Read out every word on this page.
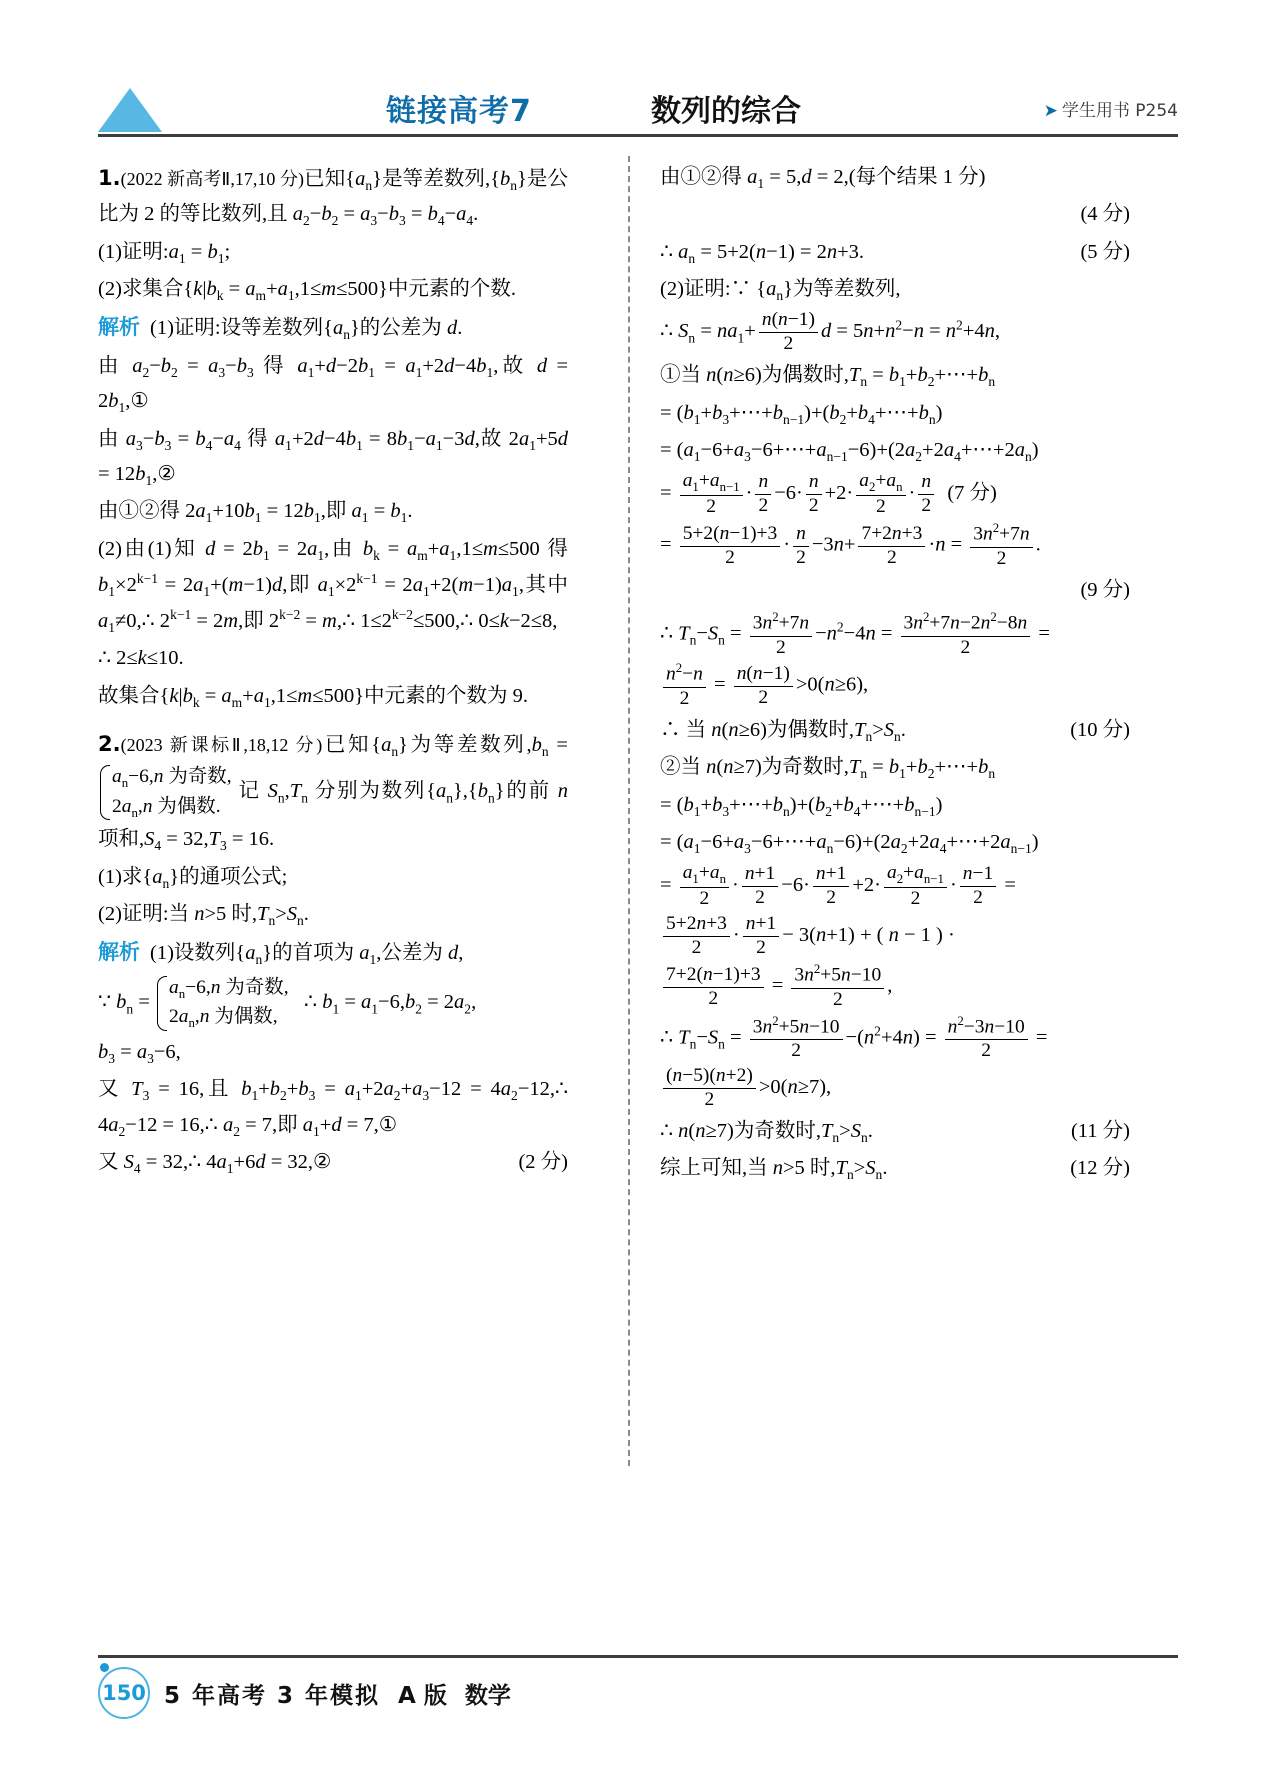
链接高考7	数列的综合	➤ 学生用书 P254
1.(2022 新高考Ⅱ,17,10 分)已知$\{a_n\}$是等差数列$,\{b_n\}$是公比为 2 的等比数列,且 $a_2-b_2 = a_3-b_3 = b_4-a_4$.
(1)证明$:a_1 = b_1$;
(2)求集合$\{k|b_k = a_m+a_1,1\le m\le 500\}$中元素的个数.
解析 (1)证明:设等差数列$\{a_n\}$的公差为 d.
由 $a_2-b_2 = a_3-b_3$ 得 $a_1+d-2b_1 = a_1+2d-4b_1$,故 $d = 2b_1,①$
由 $a_3-b_3 = b_4-a_4$ 得 $a_1+2d-4b_1 = 8b_1-a_1-3d$,故 $2a_1+5d$ = $12b_1,②$
由①②得 $2a_1+10b_1 = 12b_1$,即 $a_1 = b_1$.
(2)由(1)知 $d = 2b_1 = 2a_1$,由 $b_k = a_m+a_1,1\le m\le 500$ 得 $b_1\times 2^{k-1} = 2a_1+(m-1)d$,即 $a_1\times 2^{k-1} = 2a_1+2(m-1)a_1$,其中 $a_1\ne 0,\therefore$ $2^{k-1} = 2m$,即 $2^{k-2}$ = m,∴ $1\le 2^{k-2}\le 500,\therefore$ 0≤k−2≤8,
∴ 2≤k≤10.
故集合$\{k|b_k = a_m+a_1,1\le m\le 500\}$中元素的个数为 9.
2.(2023 新课标Ⅱ,18,12 分)已知$\{a_n\}$为等差数列$,b_n = a_n-6,n$ 为奇数,
$2a_n,n$ 为偶数. 记 $S_n,T_n$ 分别为数列$\{a_n\},\{b_n\}$的前 n 项和$,S_4 = 32,T_3 = 16$.
(1)求$\{a_n\}$的通项公式;
(2)证明:当 n>5 时$,T_n>S_n$.
解析 (1)设数列$\{a_n\}$的首项为 $a_1$,公差为 d,
∵ $b_n = a_n-6,n$ 为奇数,
$2a_n,n$ 为偶数,   ∴ $b_1 = a_1-6,b_2 = 2a_2$,
$b_3 = a_3-6$,
又 $T_3 = 16$,且 $b_1+b_2+b_3 = a_1+2a_2+a_3-12$ = $4a_2-12,\therefore$ $4a_2-12$ = 16,∴ $a_2 = 7$,即 $a_1+d$ = 7,①
又 $S_4$ = 32,∴ $4a_1+6d$ = 32,②	(2 分)
由①②得 $a_1 = 5,d = 2$,(每个结果 1 分)
(4 分)
∴ $a_n = 5+2(n-1) = 2n+3$.	(5 分)
(2)证明:∵ $\{a_n\}$为等差数列,
∴ $S_n = na_1+ \frac{n(n-1)}{2}$ $d = 5n+n^2-n = n^2+4n$,
①当 n(n≥6)为偶数时$,T_n$ = $b_1+b_2+\cdots+b_n$
= $(b_1+b_3+\cdots+b_{n-1})+(b_2+b_4+\cdots+b_n)$
= $(a_1-6+a_3-6+\cdots+a_{n-1}-6)+(2a_2+2a_4+\cdots+2a_n)$
= $\frac{a_1+a_{n-1}}{2} \cdot \frac{n}{2} -6\cdot \frac{n}{2} +2\cdot \frac{a_2+a_n}{2} \cdot \frac{n}{2} (7$ 分)
= $\frac{5+2(n-1)+3}{2} \cdot \frac{n}{2} -3n+ \frac{7+2n+3}{2} \cdot n = \frac{3n^2+7n}{2}$ .
(9 分)
∴ $T_n-S_n = \frac{3n^2+7n}{2} -n^2-4n = \frac{3n^2+7n-2n^2-8n}{2}$ =
$\frac{n^2-n}{2} = \frac{n(n-1)}{2} >0(n\ge 6)$,
∴ 当 n(n≥6)为偶数时$,T_n>S_n$.	(10 分)
②当 n(n≥7)为奇数时$,T_n$ = $b_1+b_2+\cdots+b_n$
= $(b_1+b_3+\cdots+b_n)+(b_2+b_4+\cdots+b_{n-1})$
= $(a_1-6+a_3-6+\cdots+a_n-6)+(2a_2+2a_4+\cdots+2a_{n-1})$
= $\frac{a_1+a_n}{2} \cdot \frac{n+1}{2} -6\cdot \frac{n+1}{2} +2\cdot \frac{a_2+a_{n-1}}{2} \cdot \frac{n-1}{2}$ =
$\frac{5+2n+3}{2} \cdot \frac{n+1}{2} - 3(n+1)$ + ( n − 1 ) ·
$\frac{7+2(n-1)+3}{2} = \frac{3n^2+5n-10}{2}$ ,
∴ $T_n-S_n = \frac{3n^2+5n-10}{2} -(n^2+4n) = \frac{n^2-3n-10}{2}$ =
$\frac{(n-5)(n+2)}{2} >0(n\ge 7)$,
∴ n(n≥7)为奇数时$,T_n>S_n$.	(11 分)
综上可知,当 n>5 时$,T_n>S_n$.	(12 分)
150 5 年高考 3 年模拟 A 版 数学
